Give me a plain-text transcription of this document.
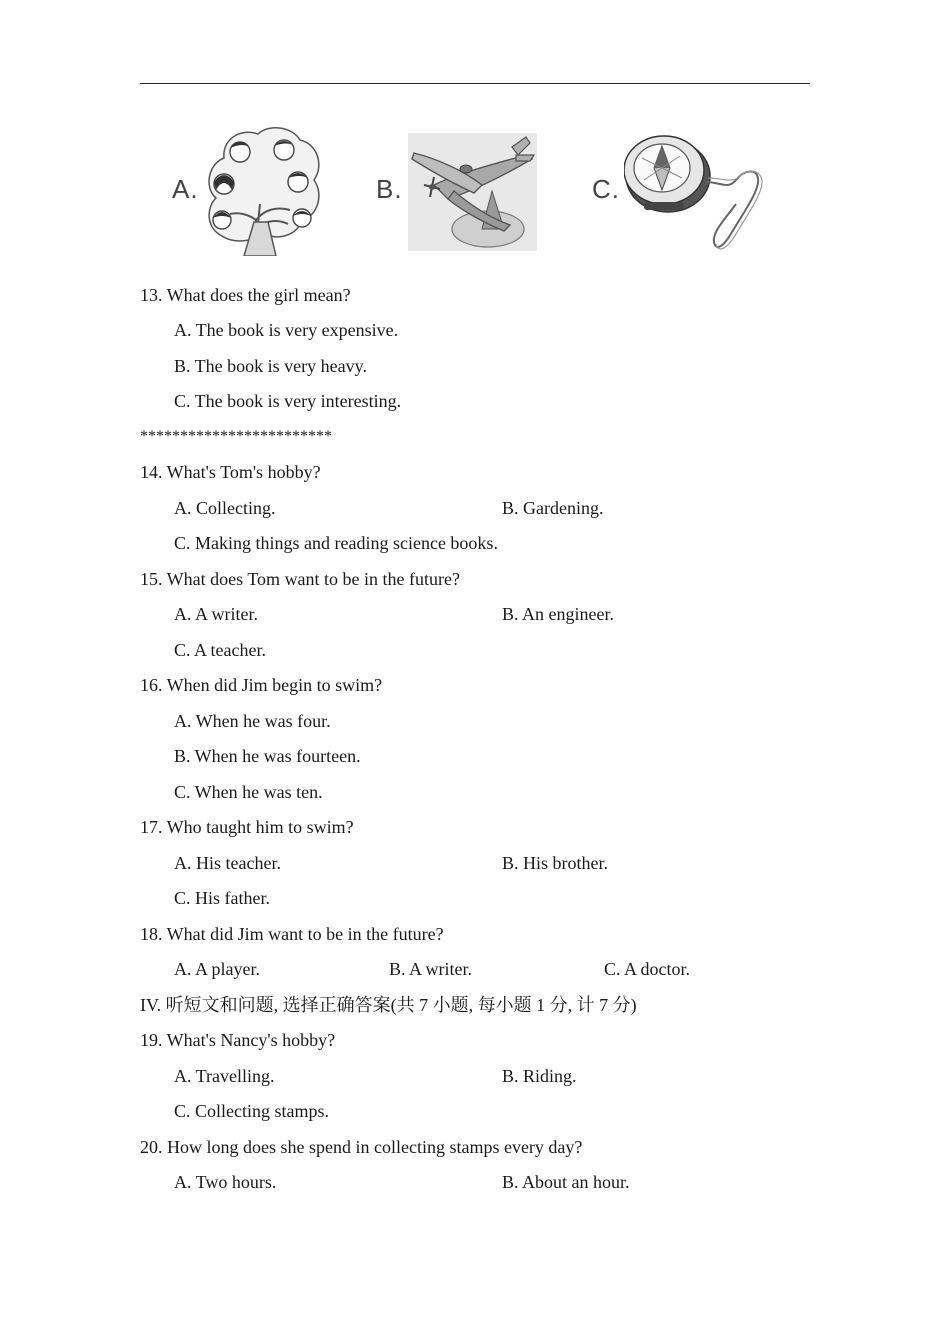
A.	B.	C.
13. What does the girl mean?
A. The book is very expensive.
B. The book is very heavy.
C. The book is very interesting.
************************
14. What's Tom's hobby?
A. Collecting.	B. Gardening.
C. Making things and reading science books.
15. What does Tom want to be in the future?
A. A writer.	B. An engineer.
C. A teacher.
16. When did Jim begin to swim?
A. When he was four.
B. When he was fourteen.
C. When he was ten.
17. Who taught him to swim?
A. His teacher.	B. His brother.
C. His father.
18. What did Jim want to be in the future?
A. A player.	B. A writer.	C. A doctor.
IV. 听短文和问题, 选择正确答案(共 7 小题, 每小题 1 分, 计 7 分)
19. What's Nancy's hobby?
A. Travelling.	B. Riding.
C. Collecting stamps.
20. How long does she spend in collecting stamps every day?
A. Two hours.	B. About an hour.
